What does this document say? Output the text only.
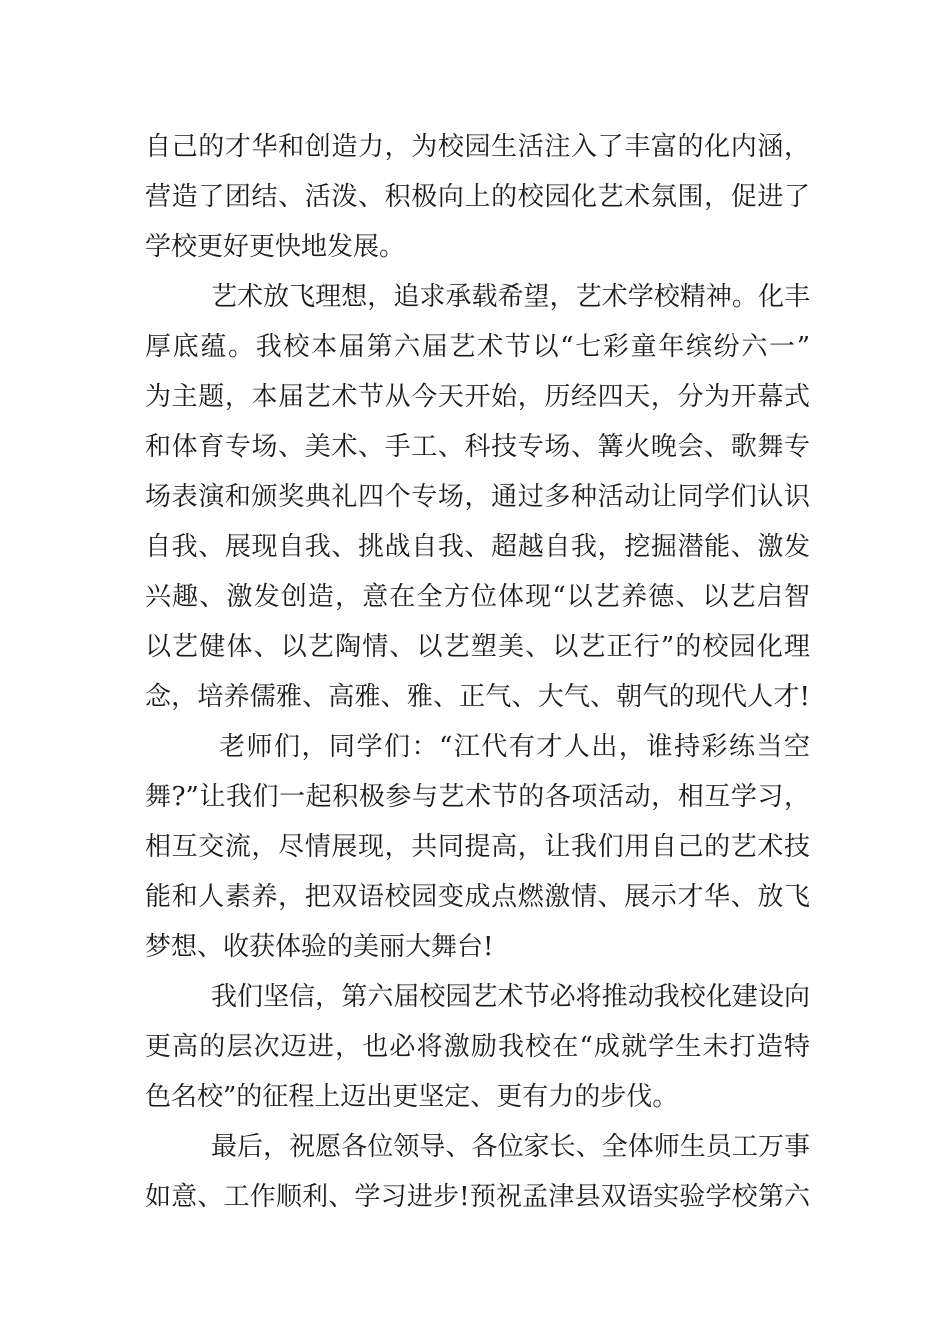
自己的才华和创造力，为校园生活注入了丰富的化内涵，
营造了团结、活泼、积极向上的校园化艺术氛围，促进了
学校更好更快地发展。
艺术放飞理想，追求承载希望，艺术学校精神。化丰
厚底蕴。我校本届第六届艺术节以“七彩童年缤纷六一”
为主题，本届艺术节从今天开始，历经四天，分为开幕式
和体育专场、美术、手工、科技专场、篝火晚会、歌舞专
场表演和颁奖典礼四个专场，通过多种活动让同学们认识
自我、展现自我、挑战自我、超越自我，挖掘潜能、激发
兴趣、激发创造，意在全方位体现“以艺养德、以艺启智
以艺健体、以艺陶情、以艺塑美、以艺正行”的校园化理
念，培养儒雅、高雅、雅、正气、大气、朝气的现代人才!
老师们，同学们：“江代有才人出，谁持彩练当空
舞?”让我们一起积极参与艺术节的各项活动，相互学习，
相互交流，尽情展现，共同提高，让我们用自己的艺术技
能和人素养，把双语校园变成点燃激情、展示才华、放飞
梦想、收获体验的美丽大舞台!
我们坚信，第六届校园艺术节必将推动我校化建设向
更高的层次迈进，也必将激励我校在“成就学生未打造特
色名校”的征程上迈出更坚定、更有力的步伐。
最后，祝愿各位领导、各位家长、全体师生员工万事
如意、工作顺利、学习进步!预祝孟津县双语实验学校第六
